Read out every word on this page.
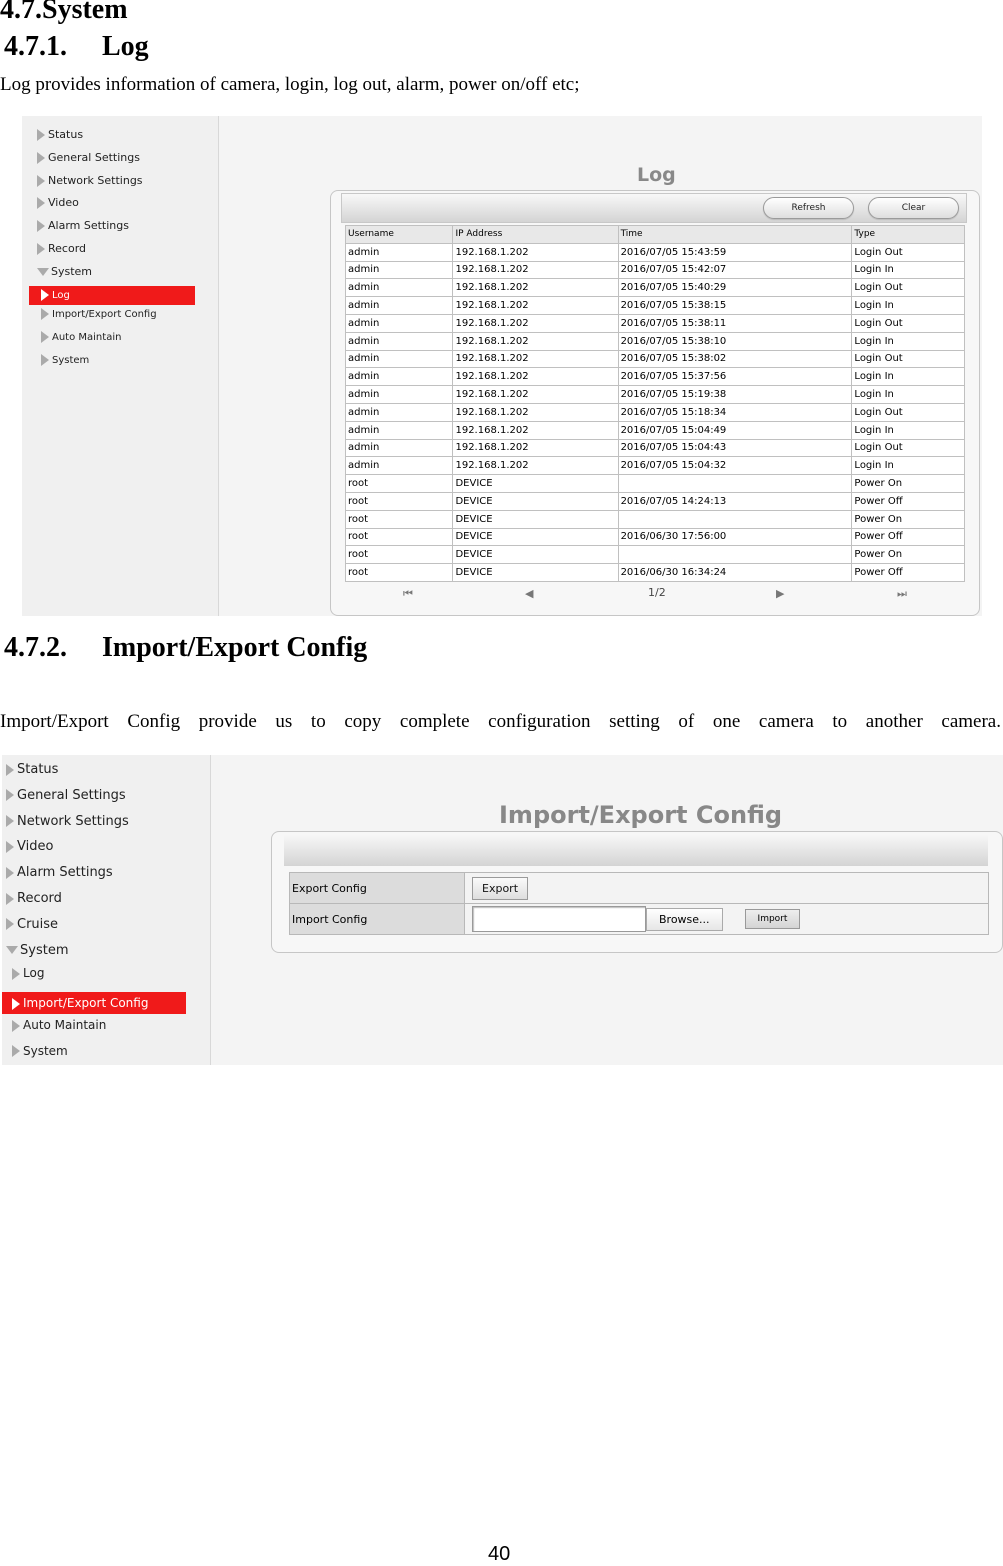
4.7.System
4.7.1. Log
Log provides information of camera, login, log out, alarm, power on/off etc;
Status
General Settings
Network Settings
Video
Alarm Settings
Record
System
Log
Import/Export Config
Auto Maintain
System
Log
Refresh	Clear
Username	IP Address	Time	Type
admin	192.168.1.202	2016/07/05 15:43:59	Login Out
admin	192.168.1.202	2016/07/05 15:42:07	Login In
admin	192.168.1.202	2016/07/05 15:40:29	Login Out
admin	192.168.1.202	2016/07/05 15:38:15	Login In
admin	192.168.1.202	2016/07/05 15:38:11	Login Out
admin	192.168.1.202	2016/07/05 15:38:10	Login In
admin	192.168.1.202	2016/07/05 15:38:02	Login Out
admin	192.168.1.202	2016/07/05 15:37:56	Login In
admin	192.168.1.202	2016/07/05 15:19:38	Login In
admin	192.168.1.202	2016/07/05 15:18:34	Login Out
admin	192.168.1.202	2016/07/05 15:04:49	Login In
admin	192.168.1.202	2016/07/05 15:04:43	Login Out
admin	192.168.1.202	2016/07/05 15:04:32	Login In
root	DEVICE		Power On
root	DEVICE	2016/07/05 14:24:13	Power Off
root	DEVICE		Power On
root	DEVICE	2016/06/30 17:56:00	Power Off
root	DEVICE		Power On
root	DEVICE	2016/06/30 16:34:24	Power Off
⏮	◀	1/2	▶	⏭
4.7.2. Import/Export Config
Import/Export Config provide us to copy complete configuration setting of one camera to another camera.
Status
General Settings
Network Settings
Video
Alarm Settings
Record
Cruise
System
Log
Import/Export Config
Auto Maintain
System
Import/Export Config
Export Config	Export
Import Config	Browse... Import
40
